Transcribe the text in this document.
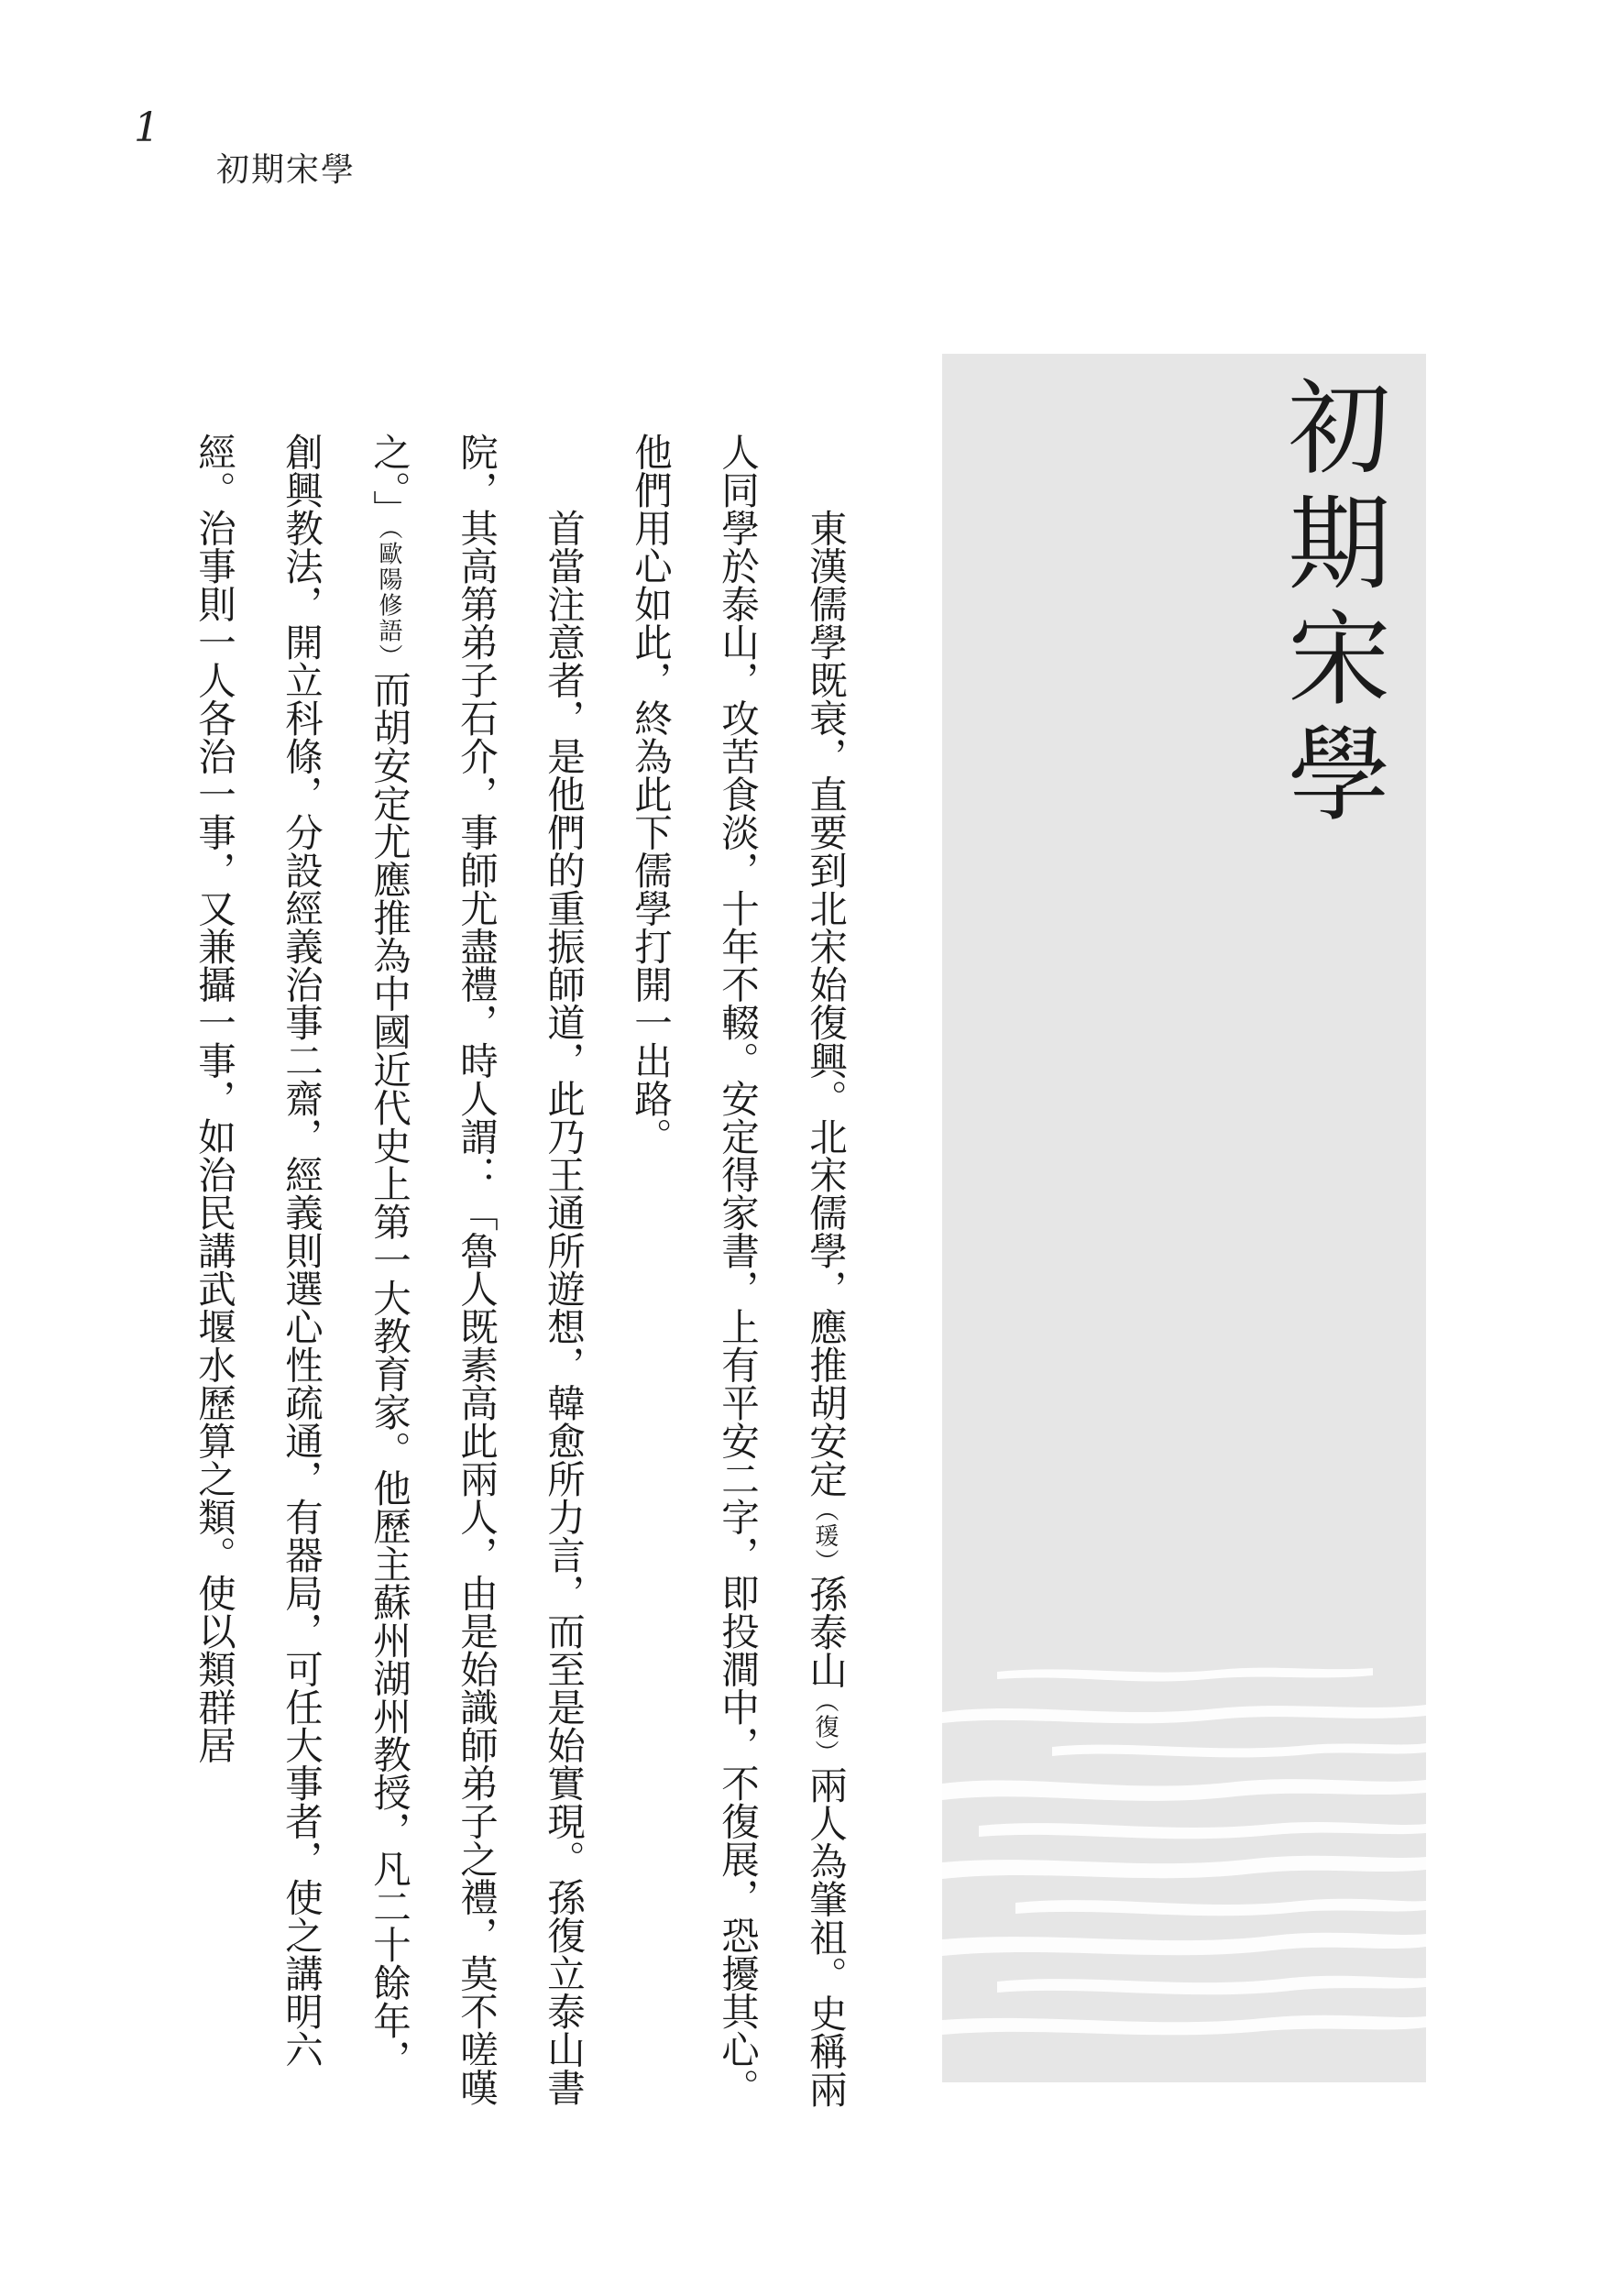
1
初期宋學
初期宋學

東漢儒學既衰，直要到北宋始復興。北宋儒學，應推胡安定（瑗）孫泰山（復）兩人為肇祖。史稱兩人同學於泰山，攻苦食淡，十年不輟。安定得家書，上有平安二字，即投澗中，不復展，恐擾其心。他們用心如此，終為此下儒學打開一出路。

首當注意者，是他們的重振師道，此乃王通所遊想，韓愈所力言，而至是始實現。孫復立泰山書院，其高第弟子石介，事師尤盡禮，時人謂：「魯人既素高此兩人，由是始識師弟子之禮，莫不嗟嘆之。」（歐陽修語）而胡安定尤應推為中國近代史上第一大教育家。他歷主蘇州湖州教授，凡二十餘年，創興教法，開立科條，分設經義治事二齋，經義則選心性疏通，有器局，可任大事者，使之講明六經。治事則一人各治一事，又兼攝一事，如治民講武堰水歷算之類。使以類群居
